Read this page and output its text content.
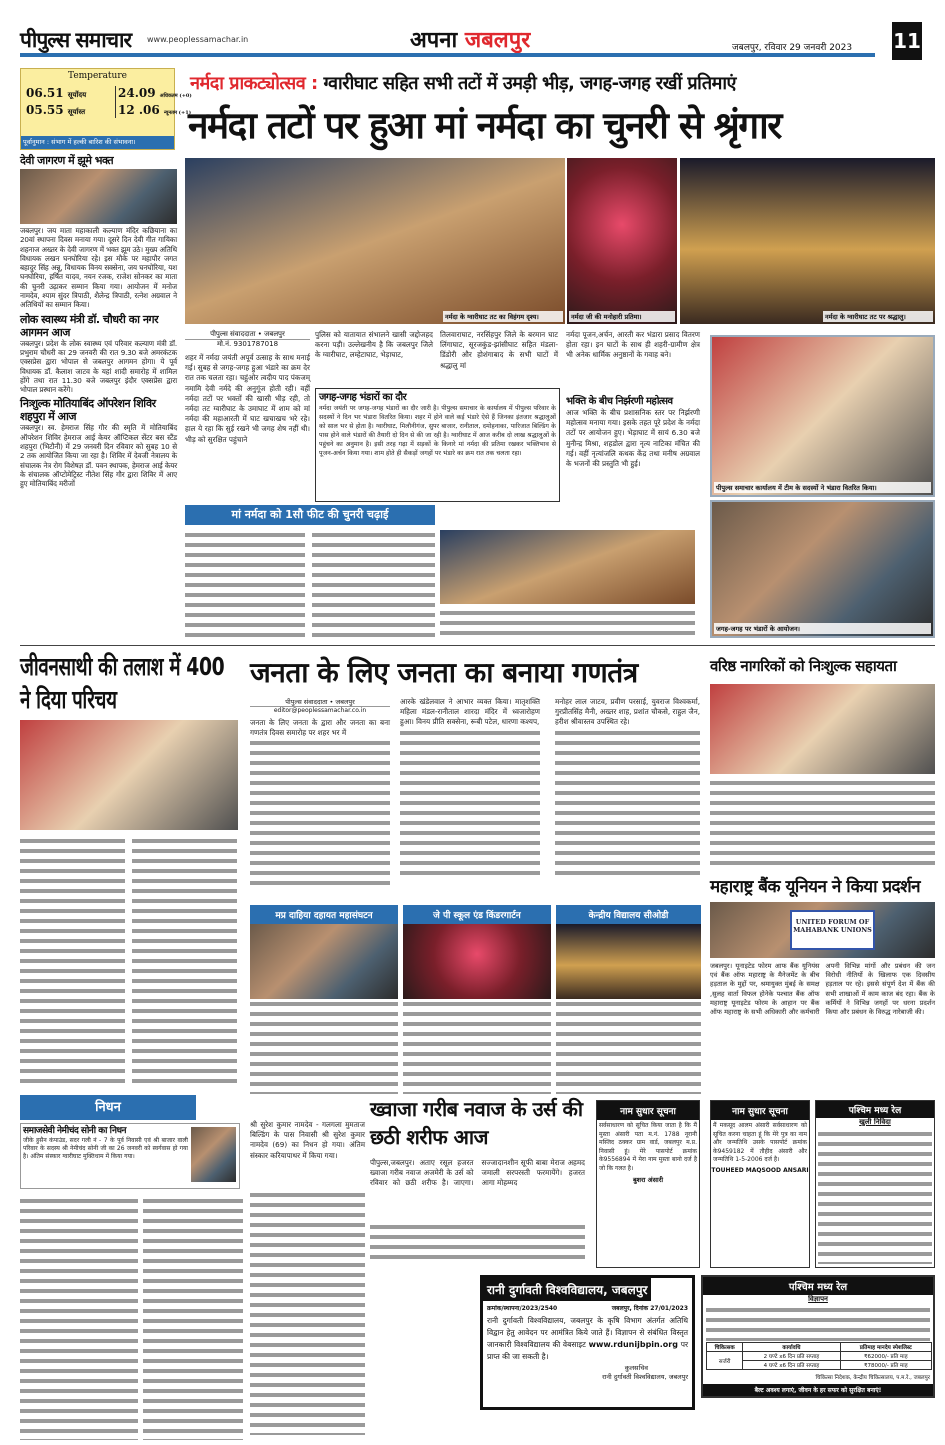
पीपुल्स समाचार www.peoplessamachar.in	अपना जबलपुर	जबलपुर, रविवार 29 जनवरी 2023 11
Temperature
06.51 सूर्योदय
05.55 सूर्यास्त
24.09 अधिकतम (+0)
12 .06 न्यूनतम (+1)
पूर्वानुमान : संभाग में हल्की बारिश की संभावना।
नर्मदा प्राकट्योत्सव : ग्वारीघाट सहित सभी तटों में उमड़ी भीड़, जगह-जगह रखीं प्रतिमाएं
नर्मदा तटों पर हुआ मां नर्मदा का चुनरी से श्रृंगार
देवी जागरण में झूमे भक्त

जबलपुर। जय माता महाकाली कल्याण मंदिर कछियाना का 20वां स्थापना दिवस मनाया गया। दूसरे दिन देवी गीत गायिका शहनाज अख्तर के देवी जागरण में भक्त झूम उठे। मुख्य अतिथि विधायक लखन घनघोरिया रहे। इस मौके पर महापौर जगत बहादुर सिंह अन्नू, विधायक विनय सक्सेना, जय घनघोरिया, यश घनघोरिया, हर्षित यादव, नयन रजक, राजेश सोनकर का माता की चुनरी उढ़ाकर सम्मान किया गया। आयोजन में मनोज नामदेव, श्याम सुंदर त्रिपाठी, शैलेन्द्र त्रिपाठी, रत्नेश अग्रवाल ने अतिथियों का सम्मान किया।

लोक स्वास्थ्य मंत्री डॉ. चौधरी का नगर आगमन आज

जबलपुर। प्रदेश के लोक स्वास्थ्य एवं परिवार कल्याण मंत्री डॉ. प्रभुराम चौधरी का 29 जनवरी की रात 9.30 बजे अमरकंटक एक्सप्रेस द्वारा भोपाल से जबलपुर आगमन होगा। ये पूर्व विधायक डॉ. कैलाश जाटव के यहां शादी समारोह में शामिल होंगे तथा रात 11.30 बजे जबलपुर इंदौर एक्सप्रेस द्वारा भोपाल प्रस्थान करेंगे।

निःशुल्क मोतियाबिंद ऑपरेशन शिविर शहपुरा में आज

जबलपुर। स्व. हेमराज सिंह गौर की स्मृति में मोतियाबिंद ऑपरेशन शिविर हेमराज आई केयर ऑप्टिकल सेंटर बस स्टैंड शहपुरा (भिटौनी) में 29 जनवरी दिन रविवार को सुबह 10 से 2 तक आयोजित किया जा रहा है। शिविर में देवजी नेत्रालय के संचालक नेत्र रोग विशेषज्ञ डॉ. पवन स्थापक, हेमराज आई केयर के संचालक ऑप्टोमेट्रिस्ट नीतेश सिंह गौर द्वारा शिविर में आए हुए मोतियाबिंद मरीजों

नर्मदा के ग्वारीघाट तट का विहंगम दृश्य।	नर्मदा जी की मनोहारी प्रतिमा।	नर्मदा के ग्वारीघाट तट पर श्रद्धालु।
पीपुल्स संवाददाता • जबलपुर
मो.नं. 9301787018

शहर में नर्मदा जयंती अपूर्व उत्साह के साथ मनाई गई। सुबह से जगह-जगह हुआ भंडारे का क्रम देर रात तक चलता रहा। चहुंओर त्वदीय पाद पंकजम् नमामि देवी नर्मदे की अनुगूंज होती रही। वहीं नर्मदा तटों पर भक्तों की खासी भीड़ रही, तो नर्मदा तट ग्वारीघाट के उमाघाट में शाम को मां नर्मदा की महाआरती में घाट खचाखच भरे रहे। हाल ये रहा कि सुई रखने भी जगह शेष नहीं थी। भीड़ को सुरक्षित पहुंचाने

पुलिस को यातायात संभालने खासी जद्दोजहद करना पड़ी। उल्लेखनीय है कि जबलपुर जिले के ग्वारीघाट, लम्हेटाघाट, भेड़ाघाट,

तिलवाराघाट, नरसिंहपुर जिले के बरमान घाट लिंगाघाट, सूरजकुंड-झांसीघाट सहित मंडला-डिंडोरी और होशंगाबाद के सभी घाटों में श्रद्धालु मां

नर्मदा पूजन,अर्चन, आरती कर भंडारा प्रसाद वितरण होता रहा। इन घाटों के साथ ही शहरी-ग्रामीण क्षेत्र भी अनेक धार्मिक अनुष्ठानों के गवाह बने।

जगह-जगह भंडारों का दौर

नर्मदा जयंती पर जगह-जगह भंडारों का दौर जारी है। पीपुल्स समाचार के कार्यालय में पीपुल्स परिवार के सदस्यों ने दिन भर भंडारा वितरित किया। शहर में होने वाले कई भंडारे ऐसे हैं जिनका इंतजार श्रद्धालुओं को साल भर से होता है। ग्वारीघाट, मिलौनीगंज, सुपर बाजार, रानीताल, दमोहनाका, पारिजात बिल्डिंग के पास होने वाले भंडारों की तैयारी दो दिन से की जा रही है। ग्वारीघाट में आज करीब दो लाख श्रद्धालुओं के पहुंचने का अनुमान है। इसी तरह गढ़ा में सड़कों के किनारे मां नर्मदा की प्रतिमा रखकर भक्तिभाव से पूजन-अर्चन किया गया। शाम होते ही सैकड़ों जगहों पर भंडारे का क्रम रात तक चलता रहा।

भक्ति के बीच निर्झरणी महोत्सव

आज भक्ति के बीच प्रशासनिक स्तर पर निर्झरणी महोत्सव मनाया गया। इसके तहत पूरे प्रदेश के नर्मदा तटों पर आयोजन हुए। भेड़ाघाट में सायं 6.30 बजे मुनीन्द्र मिश्रा, शहडोल द्वारा नृत्य नाटिका मंचित की गई। वहीं नृत्यांजलि कथक केंद्र तथा मनीष अग्रवाल के भजनों की प्रस्तुति भी हुई।

पीपुल्स समाचार कार्यालय में टीम के सदस्यों ने भंडारा वितरित किया।
जगह-जगह पर भंडारों के आयोजन।
मां नर्मदा को 1सौ फीट की चुनरी चढ़ाई
जीवनसाथी की तलाश में 400 ने दिया परिचय
जनता के लिए जनता का बनाया गणतंत्र
पीपुल्स संवाददाता • जबलपुर
editor@peoplessamachar.co.in

जनता के लिए जनता के द्वारा और जनता का बना गणतंत्र दिवस समारोह पर शहर भर में

आरके खंडेलवाल ने आभार व्यक्त किया। मातृशक्ति महिला मंडल-रानीताल शारदा मंदिर में ध्वजारोहण हुआ। विनय प्रीति सक्सेना, रूबी पटेल, धारणा कश्यप,

मनोहर लाल जाटव, प्रवीण परसाई, युवराज विश्वकर्मा, गुरप्रीतसिंह मैनी, अख्तर शाह, प्रशांत चौकसे, राहुल जैन, हरीश श्रीवास्तव उपस्थित रहे।

मप्र दाहिया दहायत महासंघटन	जे पी स्कूल एंड किंडरगार्टन	केन्द्रीय विद्यालय सीओडी
वरिष्ठ नागरिकों को निःशुल्क सहायता
महाराष्ट्र बैंक यूनियन ने किया प्रदर्शन
UNITED FORUM OF MAHABANK UNIONS

जबलपुर। यूनाइटेड फोरम आफ बैंक यूनियंस एवं बैंक ऑफ महाराष्ट्र के मैनेजमेंट के बीच हड़ताल के मुद्दों पर, श्रमायुक्त मुंबई के समक्ष ,सुलह वार्ता विफल होनेके पश्चात बैंक ऑफ महाराष्ट्र यूनाइटेड फोरम के आहान पर बैंक ऑफ महाराष्ट्र के सभी अधिकारी और कर्मचारी अपनी विभिन्न मांगों और प्रबंधन की जन विरोधी नीतियों के खिलाफ एक दिवसीय हड़ताल पर रहे। इससे संपूर्ण देश में बैंक की सभी शाखाओं में काम काज बंद रहा। बैंक के कर्मियों ने विभिन्न जगहों पर धरना प्रदर्शन किया और प्रबंधन के विरुद्ध नारेबाजी की।

निधन
समाजसेवी नेमीचंद सोनी का निधन

जीके हुसैन कंपाउंड, सदर गली नं - 7 के पूर्व निवासी एवं श्री बाजार वाली परिवार के सदस्य श्री नेमीचंद सोनी जी का 26 जनवरी को स्वर्गवास हो गया है। अंतिम संस्कार ग्वारीघाट मुक्तिधाम में किया गया।

श्री सुरेश कुमार नामदेव - गलगला मुमताज बिल्डिंग के पास निवासी श्री सुरेश कुमार नामदेव (69) का निधन हो गया। अंतिम संस्कार करियापाथर में किया गया।

ख्वाजा गरीब नवाज के उर्स की छठी शरीफ आज

पीपुल्स,जबलपुर। अताए रसूल हजरत ख्वाजा गरीब नवाज अजमेरी के उर्स को रविवार को छठी शरीफ है। जाएगा। सज्जादानशीन सूफी बाबा मेराज अहमद जमाली सरपरस्ती फरमायेंगे। हजरत आगा मोहम्मद

नाम सुधार सूचना

सर्वसाधारण को सूचित किया जाता है कि मैं मुस्ता अंसारी पता म.नं. 1788 नूरानी मस्जिद ठक्कर ग्राम वार्ड, जबलपुर म.प्र. निवासी हूं। मेरे पासपोर्ट क्रमांक के9556894 में मेरा नाम मुस्ता बानो दर्ज है जो कि गलत है।

बुशरा अंसारी
नाम सुधार सूचना

मैं मकसूद आलम अंसारी सर्वसाधारण को सूचित करना चाहता हूं कि मेरे पुत्र का नाम और जन्मतिथि उसके पासपोर्ट क्रमांक के9459182 में तौहीद अंसारी और जन्मतिथि 1-5-2006 दर्ज है।

TOUHEED MAQSOOD ANSARI
पश्चिम मध्य रेल
खुली निविदा
रानी दुर्गावती विश्वविद्यालय, जबलपुर
क्रमांक/स्थापना/2023/2540	जबलपुर, दिनांक 27/01/2023

रानी दुर्गावती विश्वविद्यालय, जबलपुर के कृषि विभाग अंतर्गत अतिथि विद्वान हेतु आवेदन पर आमंत्रित किये जाते हैं। विज्ञापन से संबंधित विस्तृत जानकारी विश्वविद्यालय की वेबसाइट www.rdunijbpin.org पर प्राप्त की जा सकती है।

कुलसचिव
रानी दुर्गावती विश्वविद्यालय, जबलपुर
पश्चिम मध्य रेल
विज्ञापन
चिकित्सक	कार्यावधि	प्रतिमाह मानदेय स्पेशलिस्ट
सर्जरी	2 घण्टे x6 दिन प्रति सप्ताह	₹62000/- प्रति माह
	4 घण्टे x6 दिन प्रति सप्ताह	₹78000/- प्रति माह
चिकित्सा निदेशक, केन्द्रीय चिकित्सालय, प.म.रे., जबलपुर
बैल्ट अवश्य लगाएं, जीवन के हर सफर को सुरक्षित बनाएं!
